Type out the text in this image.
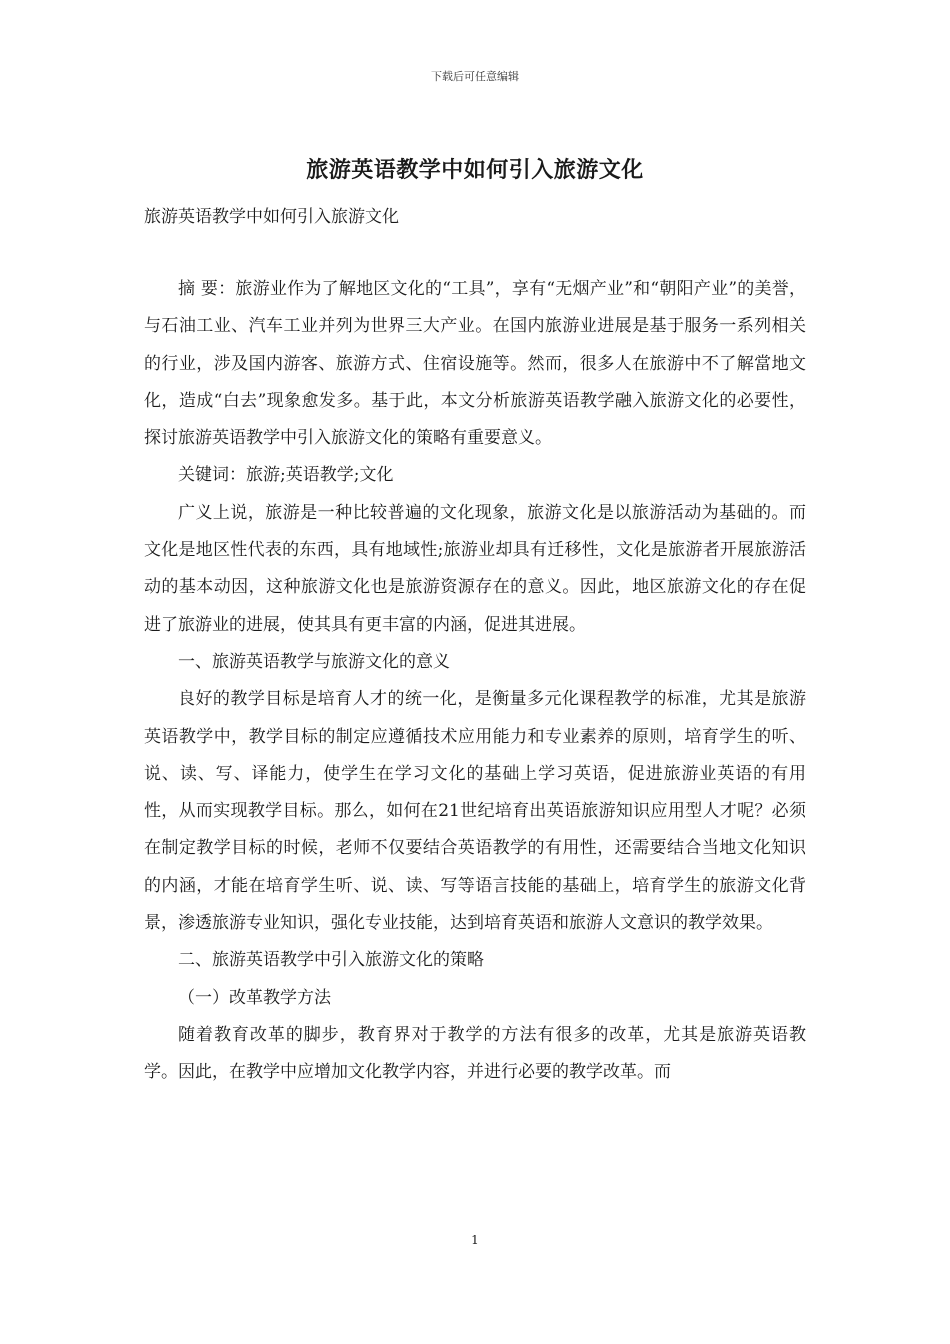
下载后可任意编辑
旅游英语教学中如何引入旅游文化
旅游英语教学中如何引入旅游文化

摘 要：旅游业作为了解地区文化的“工具”，享有“无烟产业”和“朝阳产业”的美誉，与石油工业、汽车工业并列为世界三大产业。在国内旅游业进展是基于服务一系列相关的行业，涉及国内游客、旅游方式、住宿设施等。然而，很多人在旅游中不了解當地文化，造成“白去”现象愈发多。基于此，本文分析旅游英语教学融入旅游文化的必要性，探讨旅游英语教学中引入旅游文化的策略有重要意义。

关键词：旅游;英语教学;文化

广义上说，旅游是一种比较普遍的文化现象，旅游文化是以旅游活动为基础的。而文化是地区性代表的东西，具有地域性;旅游业却具有迁移性，文化是旅游者开展旅游活动的基本动因，这种旅游文化也是旅游资源存在的意义。因此，地区旅游文化的存在促进了旅游业的进展，使其具有更丰富的内涵，促进其进展。

一、旅游英语教学与旅游文化的意义

良好的教学目标是培育人才的统一化，是衡量多元化课程教学的标准，尤其是旅游英语教学中，教学目标的制定应遵循技术应用能力和专业素养的原则，培育学生的听、说、读、写、译能力，使学生在学习文化的基础上学习英语，促进旅游业英语的有用性，从而实现教学目标。那么，如何在21世纪培育出英语旅游知识应用型人才呢？必须在制定教学目标的时候，老师不仅要结合英语教学的有用性，还需要结合当地文化知识的内涵，才能在培育学生听、说、读、写等语言技能的基础上，培育学生的旅游文化背景，渗透旅游专业知识，强化专业技能，达到培育英语和旅游人文意识的教学效果。

二、旅游英语教学中引入旅游文化的策略

（一）改革教学方法

随着教育改革的脚步，教育界对于教学的方法有很多的改革，尤其是旅游英语教学。因此，在教学中应增加文化教学内容，并进行必要的教学改革。而

1
